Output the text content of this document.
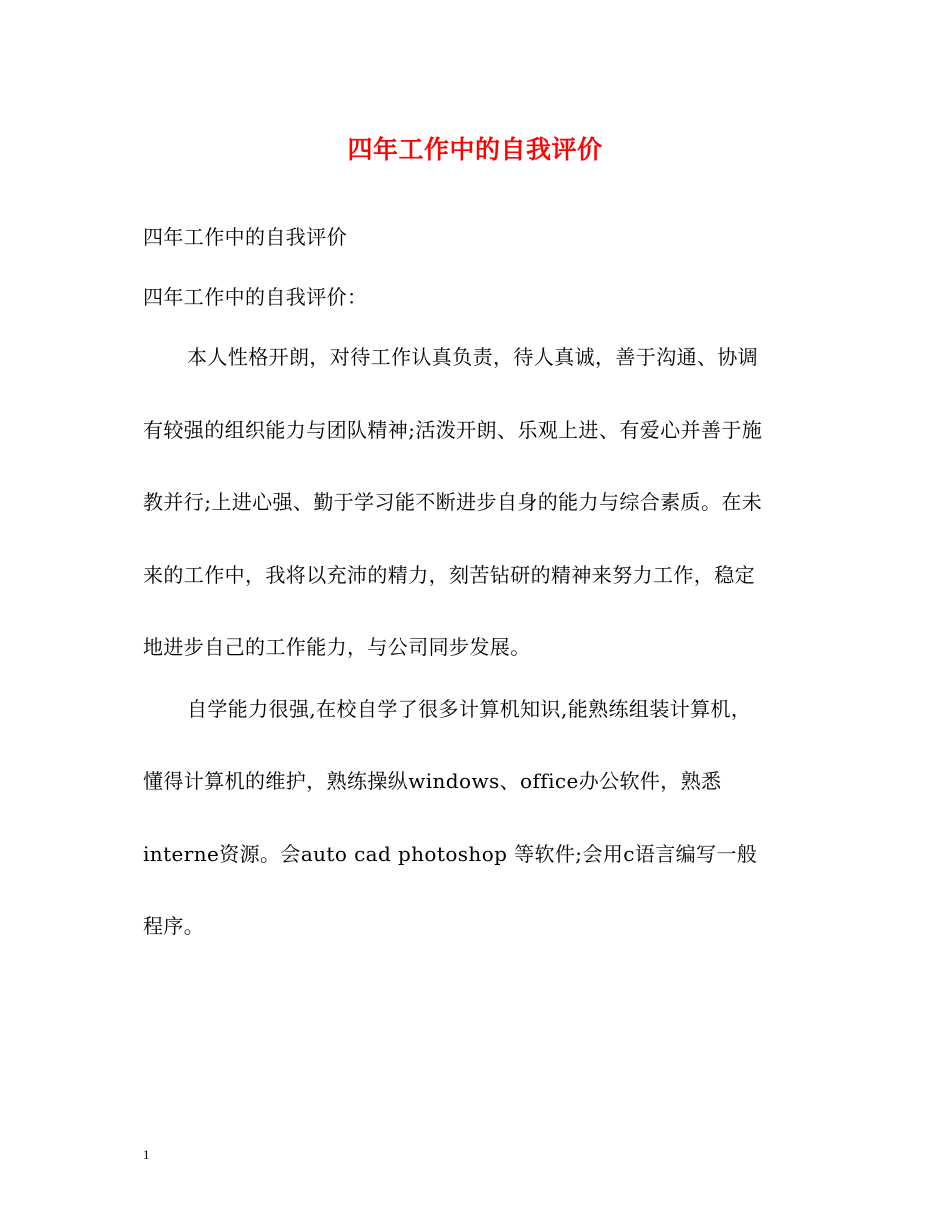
四年工作中的自我评价
四年工作中的自我评价
四年工作中的自我评价：
本人性格开朗，对待工作认真负责，待人真诚，善于沟通、协调
有较强的组织能力与团队精神;活泼开朗、乐观上进、有爱心并善于施
教并行;上进心强、勤于学习能不断进步自身的能力与综合素质。在未
来的工作中，我将以充沛的精力，刻苦钻研的精神来努力工作，稳定
地进步自己的工作能力，与公司同步发展。
自学能力很强,在校自学了很多计算机知识,能熟练组装计算机，
懂得计算机的维护，熟练操纵windows、office办公软件，熟悉
interne资源。会auto cad photoshop 等软件;会用c语言编写一般
程序。
1
